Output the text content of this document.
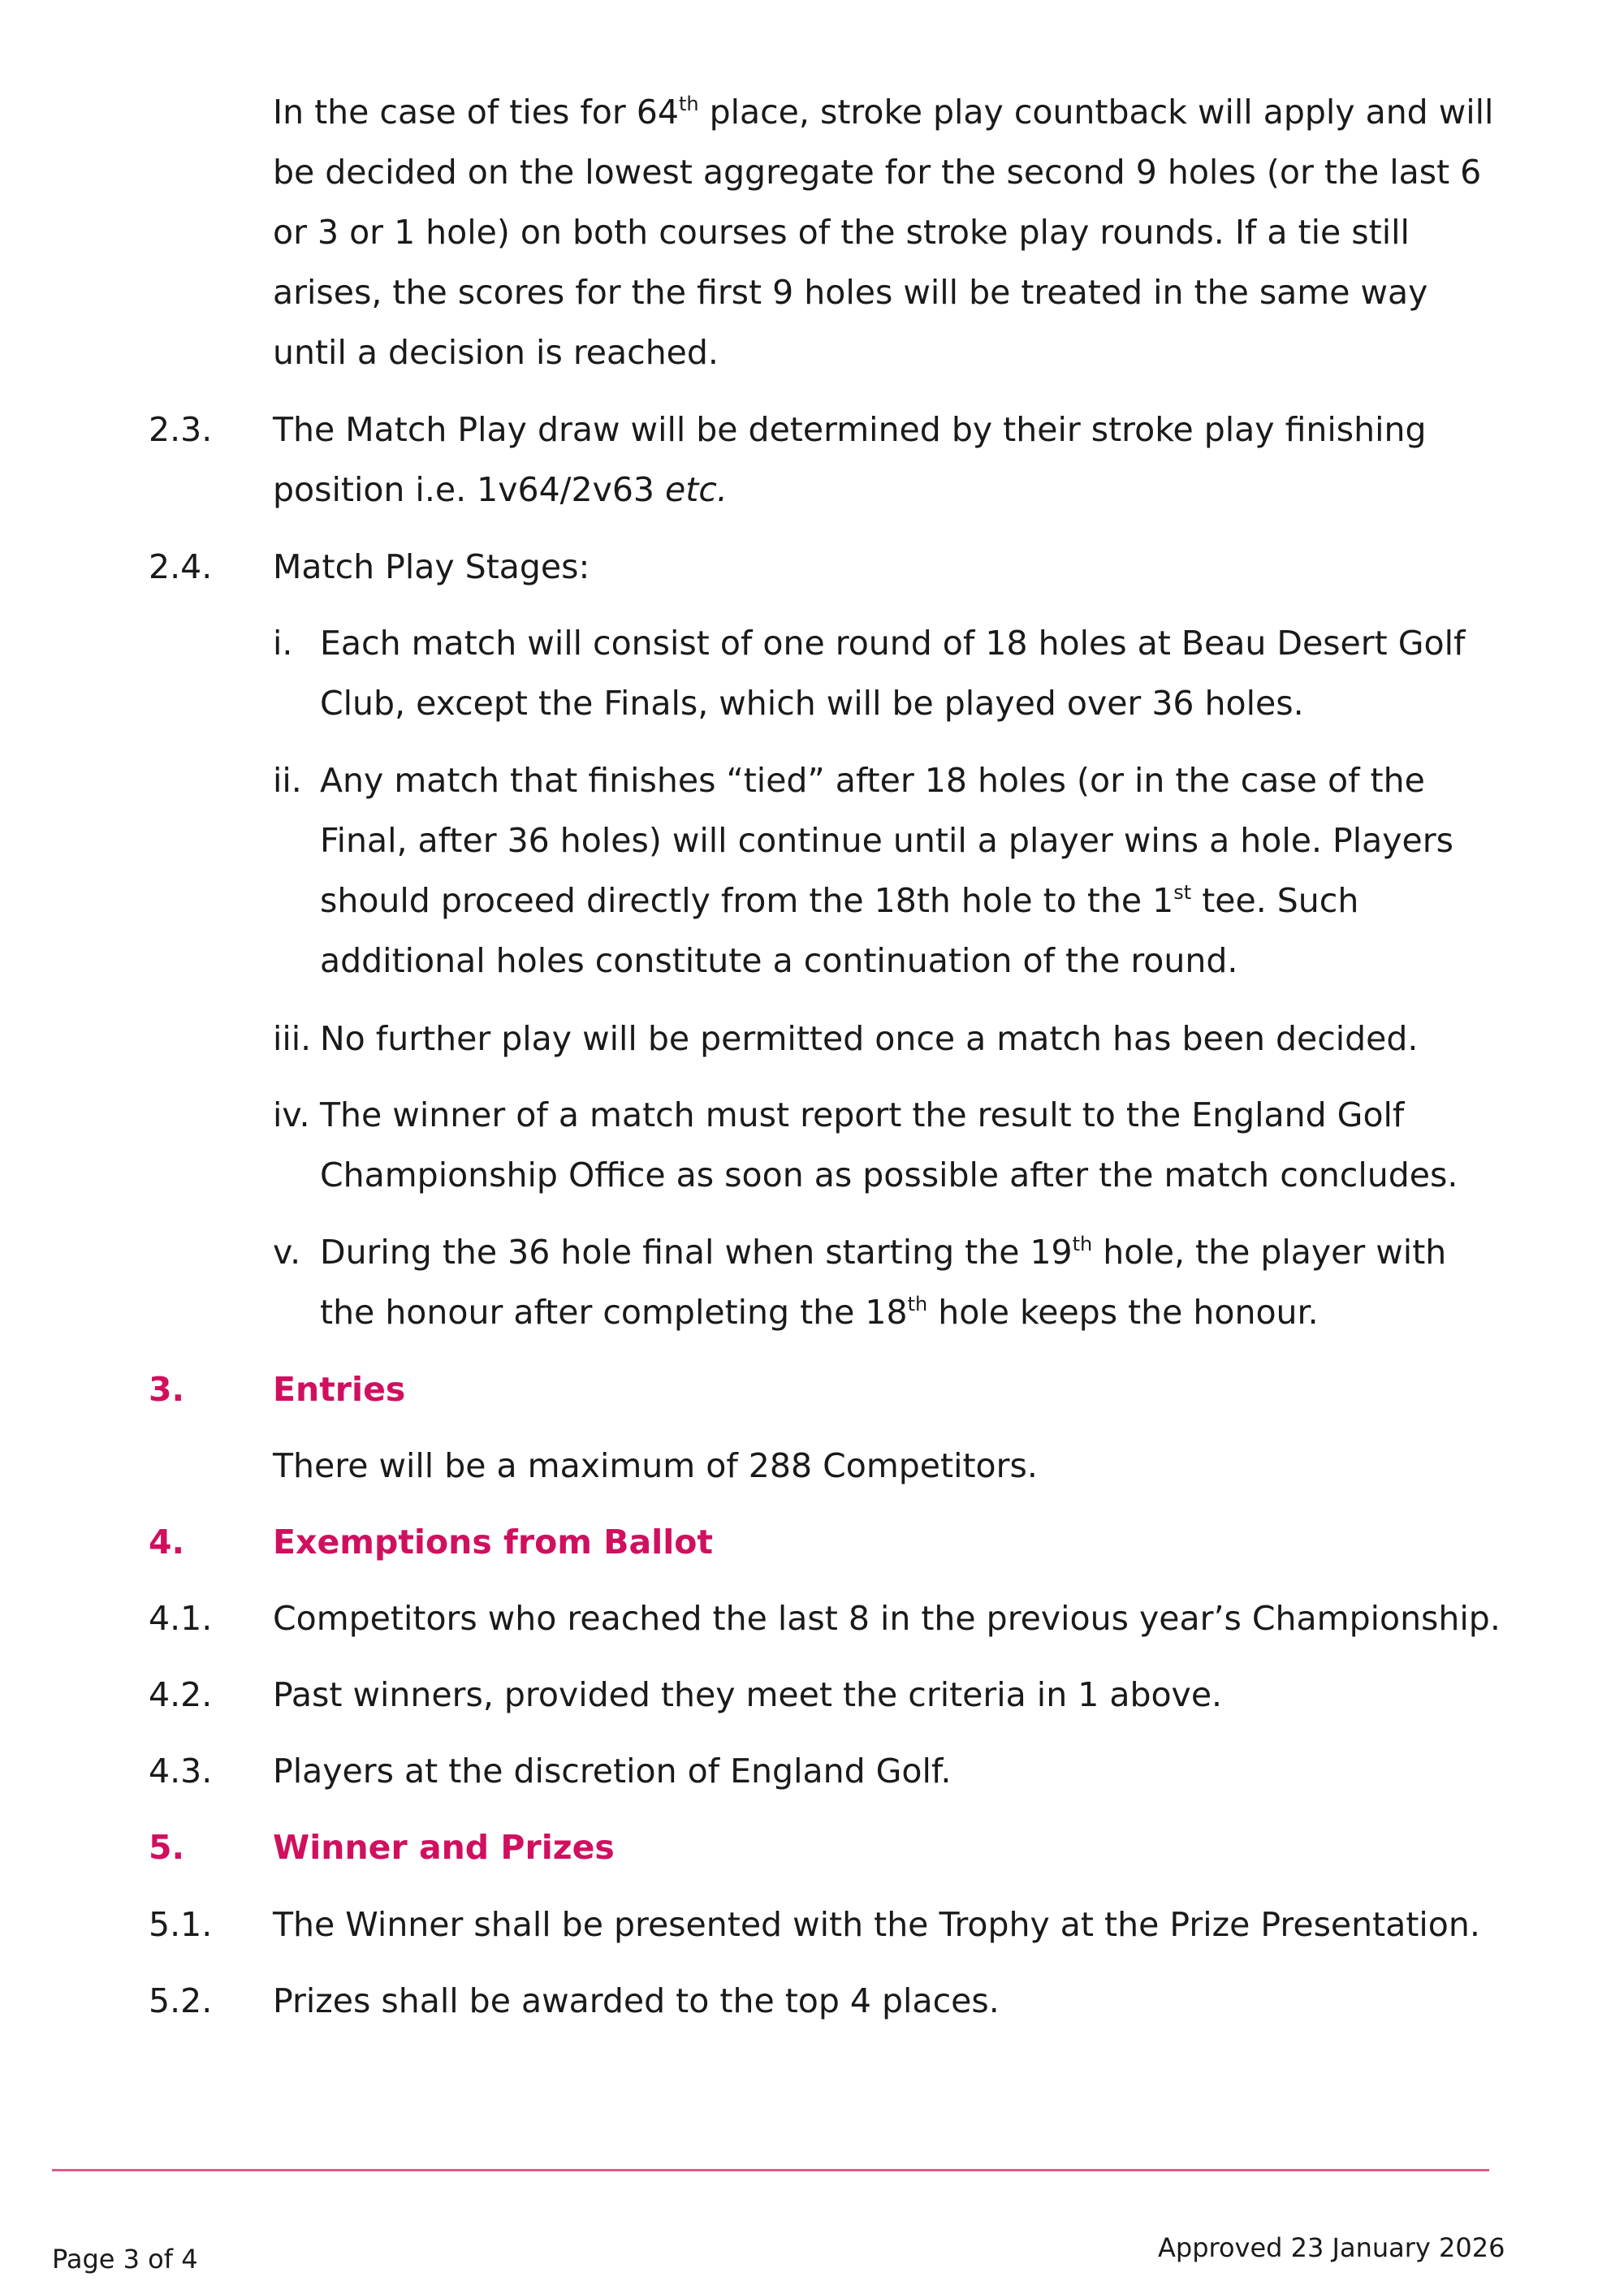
In the case of ties for 64th place, stroke play countback will apply and will be decided on the lowest aggregate for the second 9 holes (or the last 6 or 3 or 1 hole) on both courses of the stroke play rounds. If a tie still arises, the scores for the first 9 holes will be treated in the same way until a decision is reached.

2.3. The Match Play draw will be determined by their stroke play finishing position i.e. 1v64/2v63 etc.

2.4. Match Play Stages:

i. Each match will consist of one round of 18 holes at Beau Desert Golf Club, except the Finals, which will be played over 36 holes.
ii. Any match that finishes “tied” after 18 holes (or in the case of the Final, after 36 holes) will continue until a player wins a hole. Players should proceed directly from the 18th hole to the 1st tee. Such additional holes constitute a continuation of the round.
iii. No further play will be permitted once a match has been decided.
iv. The winner of a match must report the result to the England Golf Championship Office as soon as possible after the match concludes.
v. During the 36 hole final when starting the 19th hole, the player with the honour after completing the 18th hole keeps the honour.
3.	Entries

There will be a maximum of 288 Competitors.

4.	Exemptions from Ballot

4.1. Competitors who reached the last 8 in the previous year’s Championship.

4.2. Past winners, provided they meet the criteria in 1 above.

4.3. Players at the discretion of England Golf.

5.	Winner and Prizes

5.1. The Winner shall be presented with the Trophy at the Prize Presentation.

5.2. Prizes shall be awarded to the top 4 places.

Page 3 of 4	Approved 23 January 2026
